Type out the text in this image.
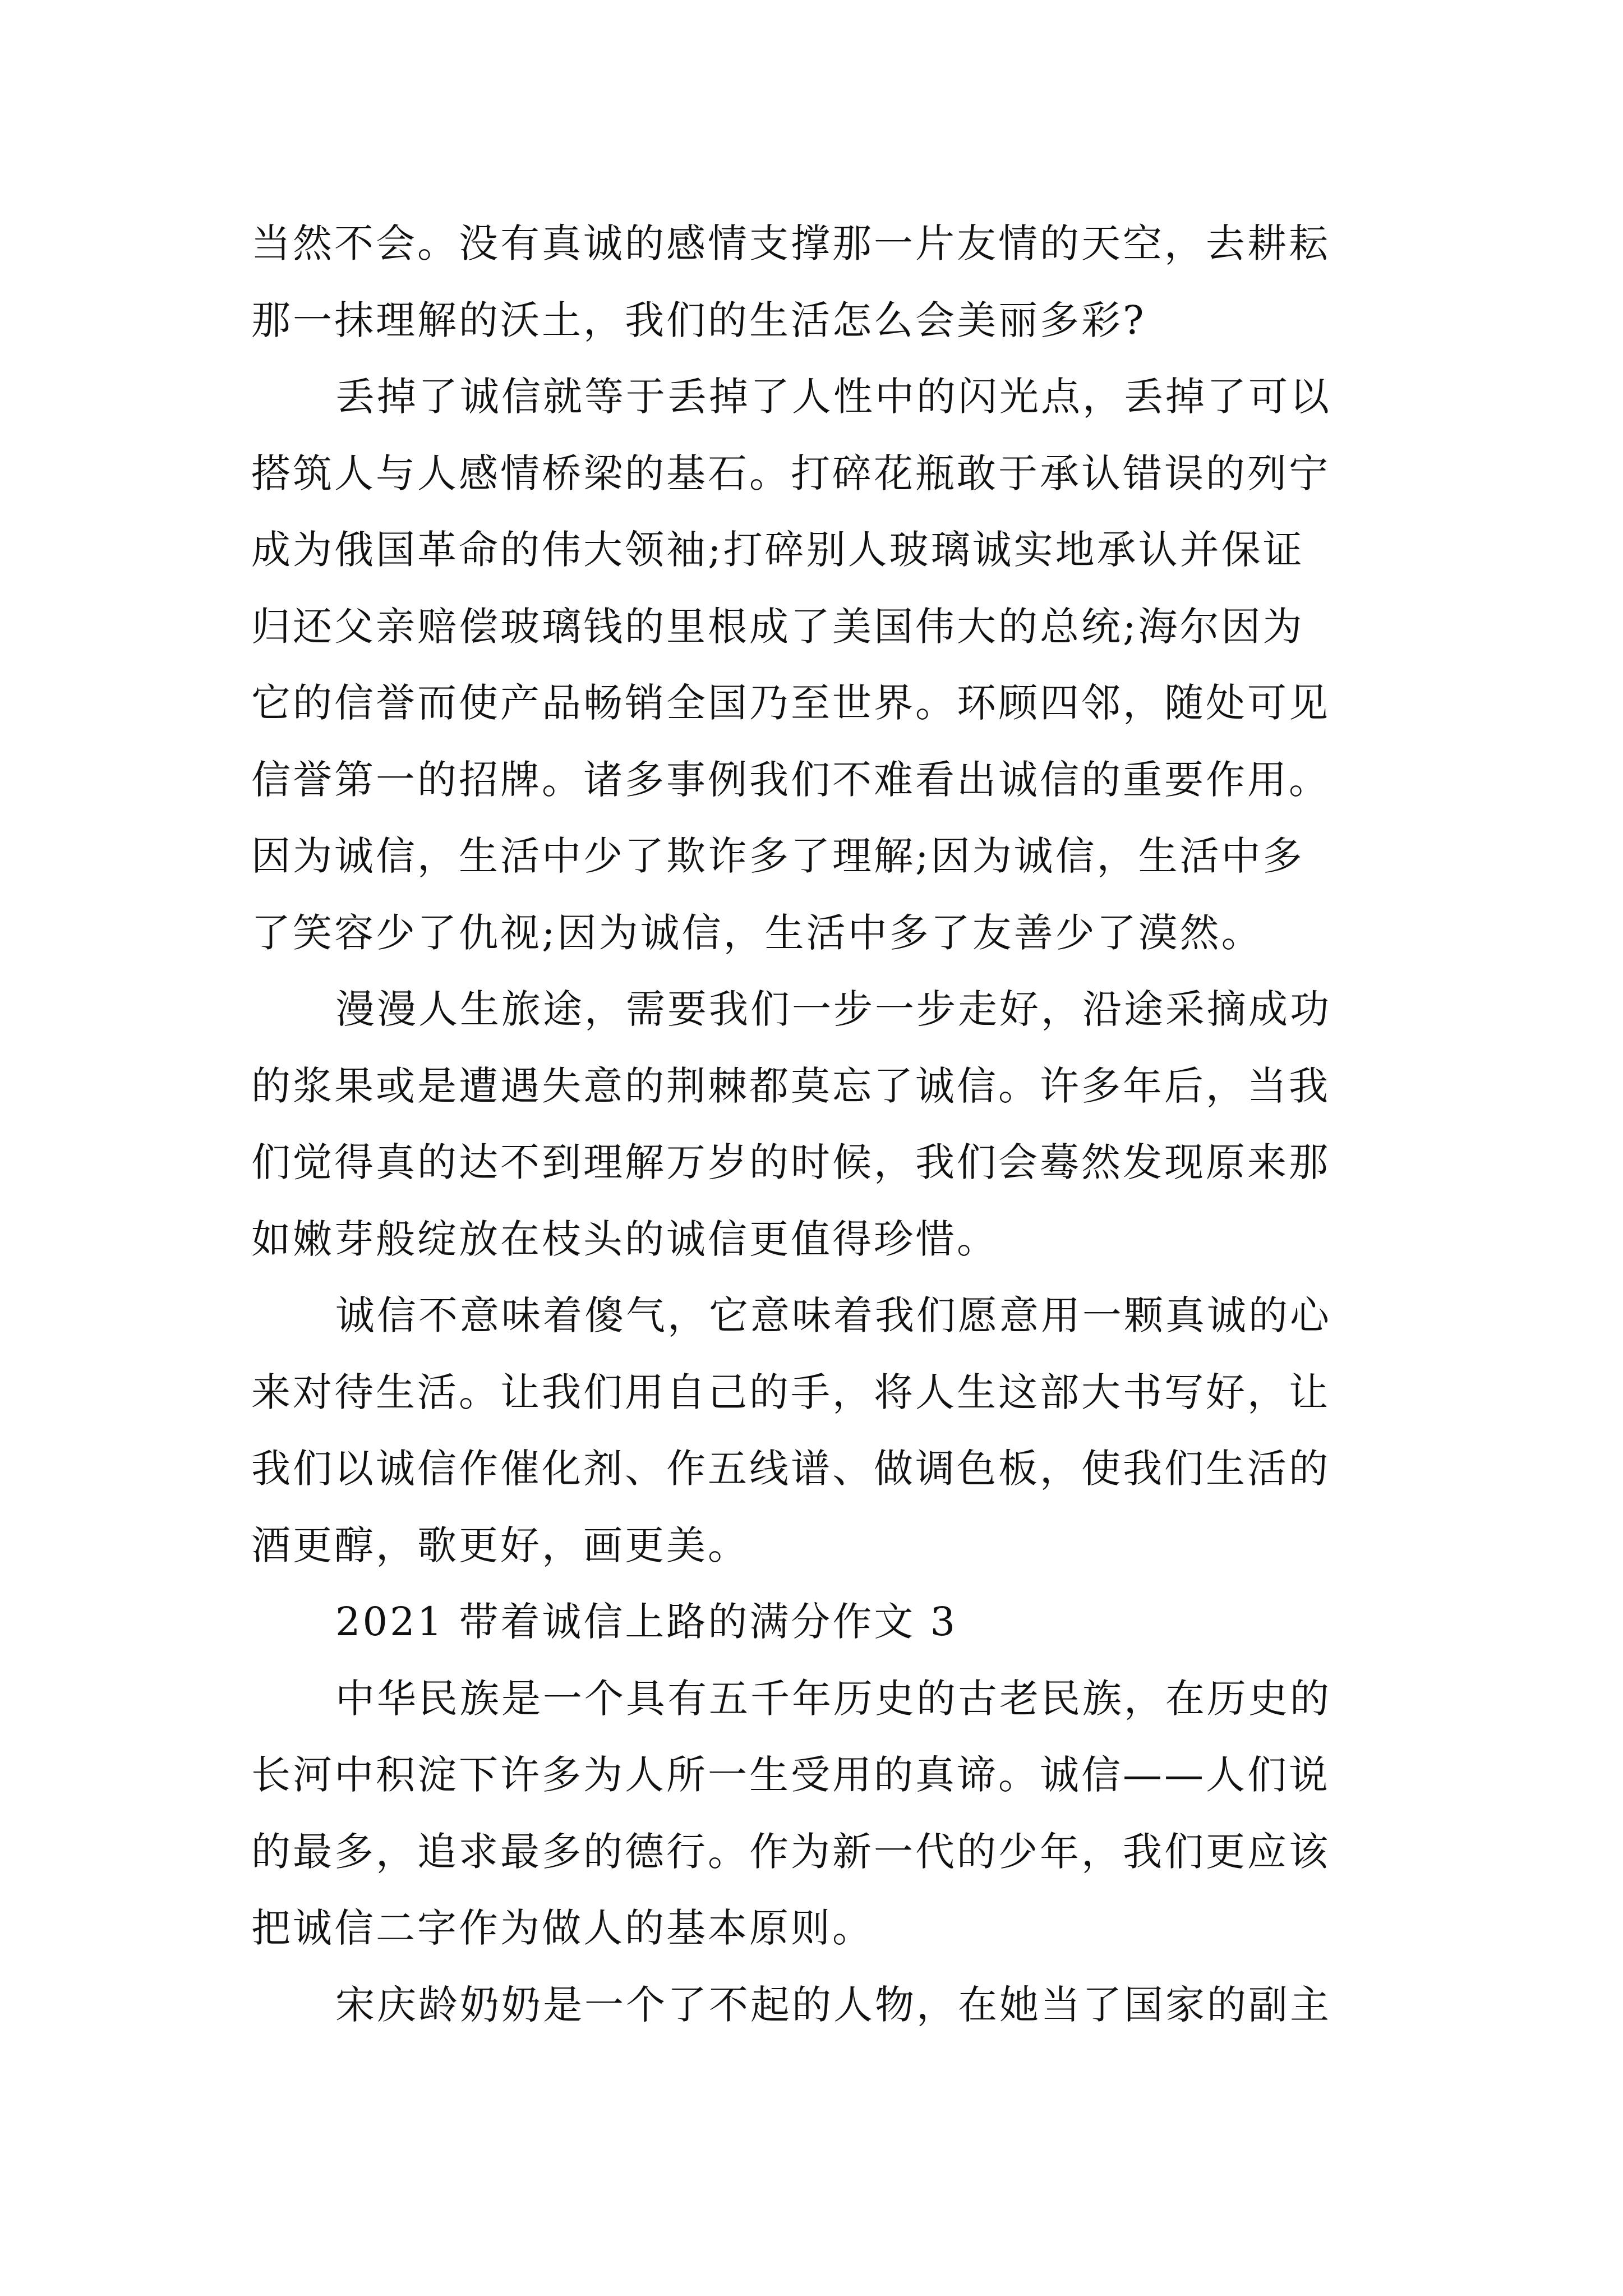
当然不会。没有真诚的感情支撑那一片友情的天空，去耕耘
那一抹理解的沃土，我们的生活怎么会美丽多彩?
丢掉了诚信就等于丢掉了人性中的闪光点，丢掉了可以
搭筑人与人感情桥梁的基石。打碎花瓶敢于承认错误的列宁
成为俄国革命的伟大领袖;打碎别人玻璃诚实地承认并保证
归还父亲赔偿玻璃钱的里根成了美国伟大的总统;海尔因为
它的信誉而使产品畅销全国乃至世界。环顾四邻，随处可见
信誉第一的招牌。诸多事例我们不难看出诚信的重要作用。
因为诚信，生活中少了欺诈多了理解;因为诚信，生活中多
了笑容少了仇视;因为诚信，生活中多了友善少了漠然。
漫漫人生旅途，需要我们一步一步走好，沿途采摘成功
的浆果或是遭遇失意的荆棘都莫忘了诚信。许多年后，当我
们觉得真的达不到理解万岁的时候，我们会蓦然发现原来那
如嫩芽般绽放在枝头的诚信更值得珍惜。
诚信不意味着傻气，它意味着我们愿意用一颗真诚的心
来对待生活。让我们用自己的手，将人生这部大书写好，让
我们以诚信作催化剂、作五线谱、做调色板，使我们生活的
酒更醇，歌更好，画更美。
2021 带着诚信上路的满分作文 3
中华民族是一个具有五千年历史的古老民族，在历史的
长河中积淀下许多为人所一生受用的真谛。诚信——人们说
的最多，追求最多的德行。作为新一代的少年，我们更应该
把诚信二字作为做人的基本原则。
宋庆龄奶奶是一个了不起的人物，在她当了国家的副主
